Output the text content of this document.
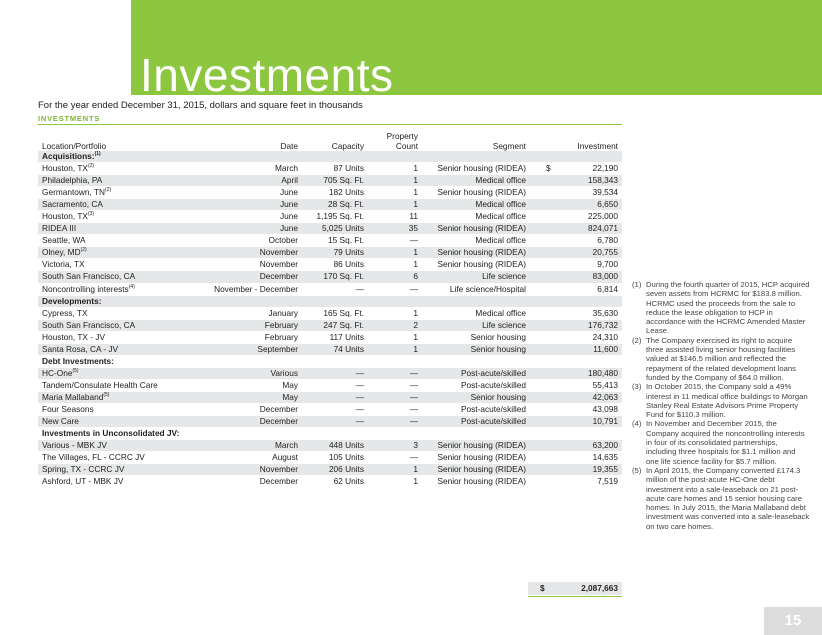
Investments
For the year ended December 31, 2015, dollars and square feet in thousands
INVESTMENTS
Location/Portfolio	Date	Capacity	Property Count	Segment	Investment
Acquisitions:$^{(1)}$
Houston, TX$^{(2)}$	March	87 Units	1	Senior housing (RIDEA)	$ 22,190
Philadelphia, PA	April	705 Sq. Ft.	1	Medical office	158,343
Germantown, TN$^{(2)}$	June	182 Units	1	Senior housing (RIDEA)	39,534
Sacramento, CA	June	28 Sq. Ft.	1	Medical office	6,650
Houston, TX$^{(3)}$	June	1,195 Sq. Ft.	11	Medical office	225,000
RIDEA III	June	5,025 Units	35	Senior housing (RIDEA)	824,071
Seattle, WA	October	15 Sq. Ft.	—	Medical office	6,780
Olney, MD$^{(2)}$	November	79 Units	1	Senior housing (RIDEA)	20,755
Victoria, TX	November	86 Units	1	Senior housing (RIDEA)	9,700
South San Francisco, CA	December	170 Sq. Ft.	6	Life science	83,000
Noncontrolling interests$^{(4)}$	November - December	—	—	Life science/Hospital	6,814
Developments:					
Cypress, TX	January	165 Sq. Ft.	1	Medical office	35,630
South San Francisco, CA	February	247 Sq. Ft.	2	Life science	176,732
Houston, TX - JV	February	117 Units	1	Senior housing	24,310
Santa Rosa, CA - JV	September	74 Units	1	Senior housing	11,600
Debt Investments:					
HC-One$^{(5)}$	Various	—	—	Post-acute/skilled	180,480
Tandem/Consulate Health Care	May	—	—	Post-acute/skilled	55,413
Maria Mallaband$^{(5)}$	May	—	—	Senior housing	42,063
Four Seasons	December	—	—	Post-acute/skilled	43,098
New Care	December	—	—	Post-acute/skilled	10,791
Investments in Unconsolidated JV:					
Various - MBK JV	March	448 Units	3	Senior housing (RIDEA)	63,200
The Villages, FL - CCRC JV	August	105 Units	—	Senior housing (RIDEA)	14,635
Spring, TX - CCRC JV	November	206 Units	1	Senior housing (RIDEA)	19,355
Ashford, UT - MBK JV	December	62 Units	1	Senior housing (RIDEA)	7,519
$	2,087,663
(1) During the fourth quarter of 2015, HCP acquired seven assets from HCRMC for $183.8 million. HCRMC used the proceeds from the sale to reduce the lease obligation to HCP in accordance with the HCRMC Amended Master Lease.
(2) The Company exercised its right to acquire three assisted living senior housing facilities valued at $146.5 million and reflected the repayment of the related development loans funded by the Company of $64.0 million.
(3) In October 2015, the Company sold a 49% interest in 11 medical office buildings to Morgan Stanley Real Estate Advisors Prime Property Fund for $110.3 million.
(4) In November and December 2015, the Company acquired the noncontrolling interests in four of its consolidated partnerships, including three hospitals for $1.1 million and one life science facility for $5.7 million.
(5) In April 2015, the Company converted £174.3 million of the post-acute HC-One debt investment into a sale-leaseback on 21 post-acute care homes and 15 senior housing care homes. In July 2015, the Maria Mallaband debt investment was converted into a sale-leaseback on two care homes.
15
